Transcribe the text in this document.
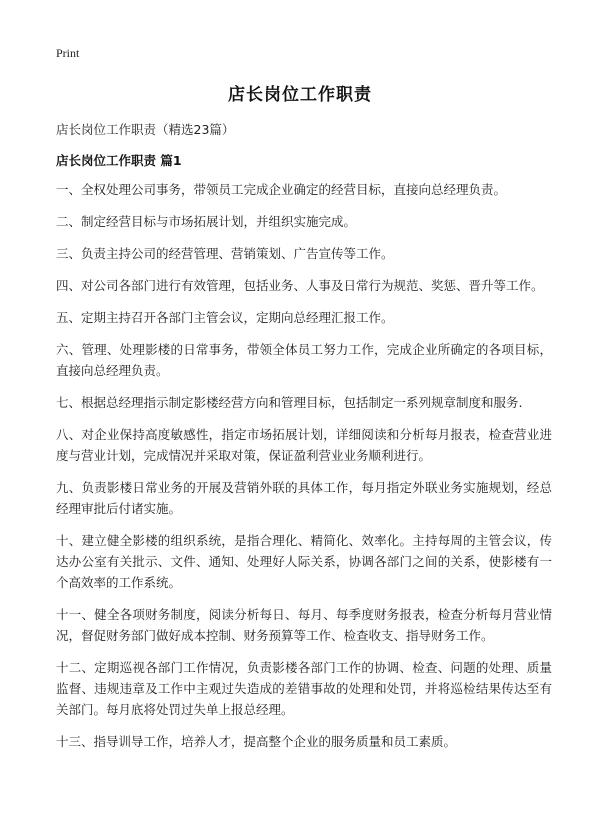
Print
店长岗位工作职责
店长岗位工作职责（精选23篇）
店长岗位工作职责 篇1

一、全权处理公司事务，带领员工完成企业确定的经营目标，直接向总经理负责。

二、制定经营目标与市场拓展计划，并组织实施完成。

三、负责主持公司的经营管理、营销策划、广告宣传等工作。

四、对公司各部门进行有效管理，包括业务、人事及日常行为规范、奖惩、晋升等工作。

五、定期主持召开各部门主管会议，定期向总经理汇报工作。

六、管理、处理影楼的日常事务，带领全体员工努力工作，完成企业所确定的各项目标，直接向总经理负责。

七、根据总经理指示制定影楼经营方向和管理目标，包括制定一系列规章制度和服务.

八、对企业保持高度敏感性，指定市场拓展计划，详细阅读和分析每月报表，检查营业进度与营业计划，完成情况并采取对策，保证盈利营业业务顺利进行。

九、负责影楼日常业务的开展及营销外联的具体工作，每月指定外联业务实施规划，经总经理审批后付诸实施。

十、建立健全影楼的组织系统，是指合理化、精简化、效率化。主持每周的主管会议，传达办公室有关批示、文件、通知、处理好人际关系，协调各部门之间的关系，使影楼有一个高效率的工作系统。

十一、健全各项财务制度，阅读分析每日、每月、每季度财务报表，检查分析每月营业情况，督促财务部门做好成本控制、财务预算等工作、检查收支、指导财务工作。

十二、定期巡视各部门工作情况，负责影楼各部门工作的协调、检查、问题的处理、质量监督、违规违章及工作中主观过失造成的差错事故的处理和处罚，并将巡检结果传达至有关部门。每月底将处罚过失单上报总经理。

十三、指导训导工作，培养人才，提高整个企业的服务质量和员工素质。
